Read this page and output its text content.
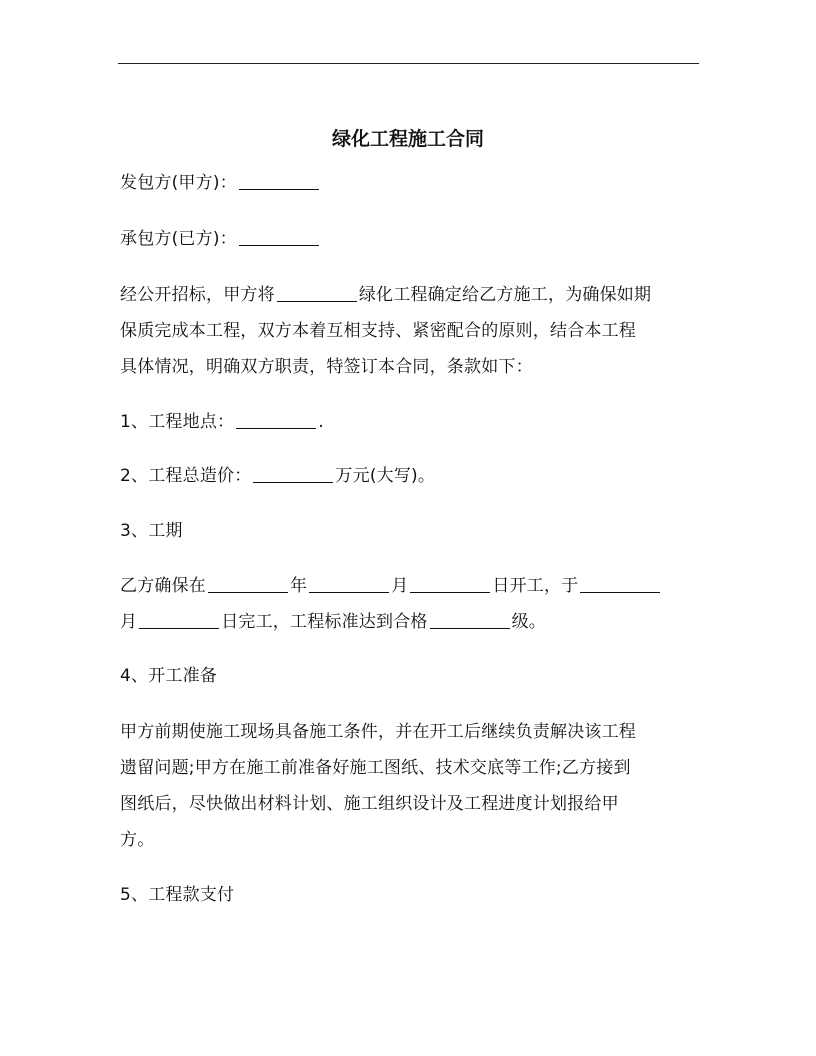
绿化工程施工合同
发包方(甲方)：
承包方(已方)：
经公开招标，甲方将	绿化工程确定给乙方施工，为确保如期
保质完成本工程，双方本着互相支持、紧密配合的原则，结合本工程
具体情况，明确双方职责，特签订本合同，条款如下：
1、工程地点：	.
2、工程总造价：	万元(大写)。
3、工期
乙方确保在	年	月	日开工，于
月	日完工，工程标准达到合格	级。
4、开工准备
甲方前期使施工现场具备施工条件，并在开工后继续负责解决该工程
遗留问题;甲方在施工前准备好施工图纸、技术交底等工作;乙方接到
图纸后，尽快做出材料计划、施工组织设计及工程进度计划报给甲
方。
5、工程款支付
